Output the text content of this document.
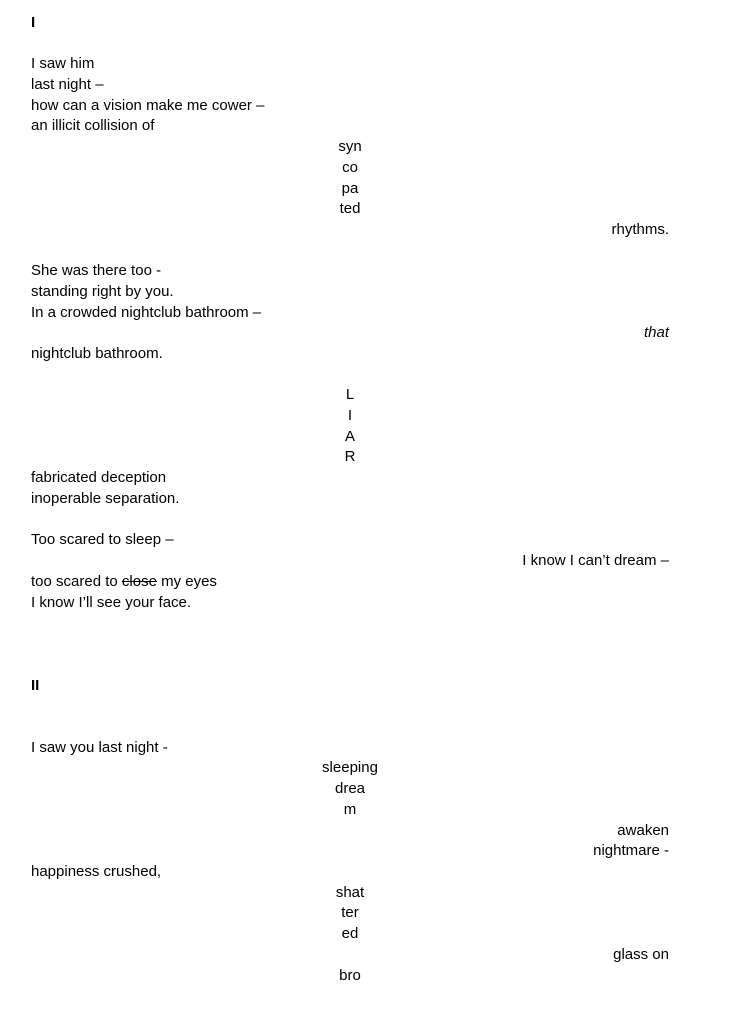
I

I saw him

last night –

how can a vision make me cower –

an illicit collision of

syn

co

pa

ted

rhythms.

She was there too -

standing right by you.

In a crowded nightclub bathroom –

that

nightclub bathroom.

L

I

A

R

fabricated deception

inoperable separation.

Too scared to sleep –

I know I can’t dream –

too scared to close my eyes

I know I’ll see your face.

II

I saw you last night -

sleeping

drea

m

awaken

nightmare -

happiness crushed,

shat

ter

ed

glass on

bro
